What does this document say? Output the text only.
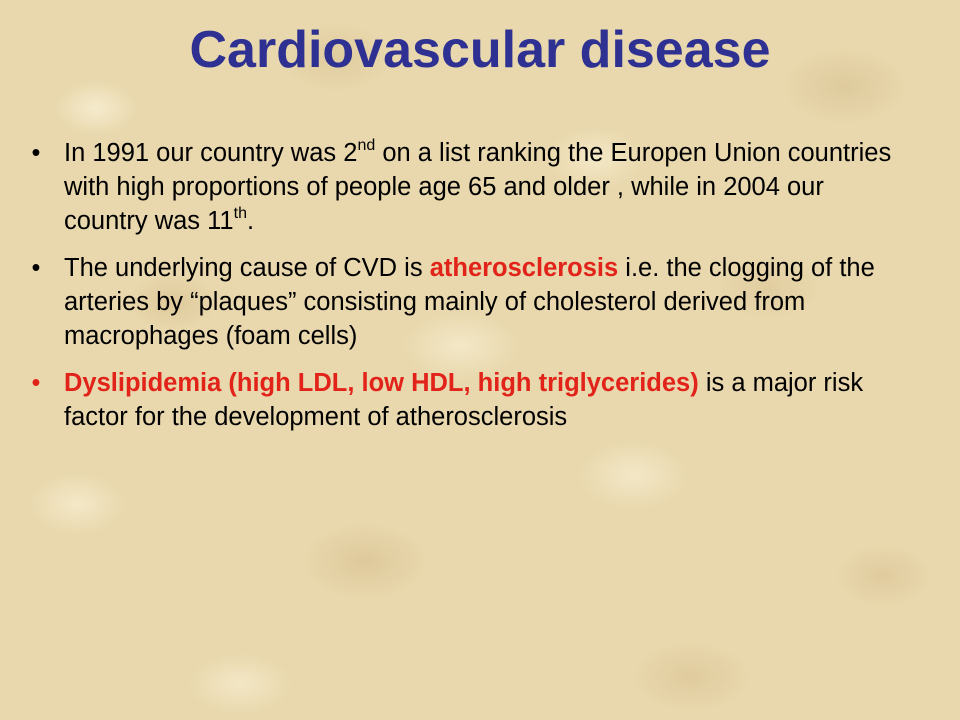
Cardiovascular disease
• In 1991 our country was 2nd on a list ranking the Europen Union countries with high proportions of people age 65 and older , while in 2004 our country was 11th.
• The underlying cause of CVD is atherosclerosis i.e. the clogging of the arteries by “plaques” consisting mainly of cholesterol derived from macrophages (foam cells)
• Dyslipidemia (high LDL, low HDL, high triglycerides) is a major risk factor for the development of atherosclerosis
